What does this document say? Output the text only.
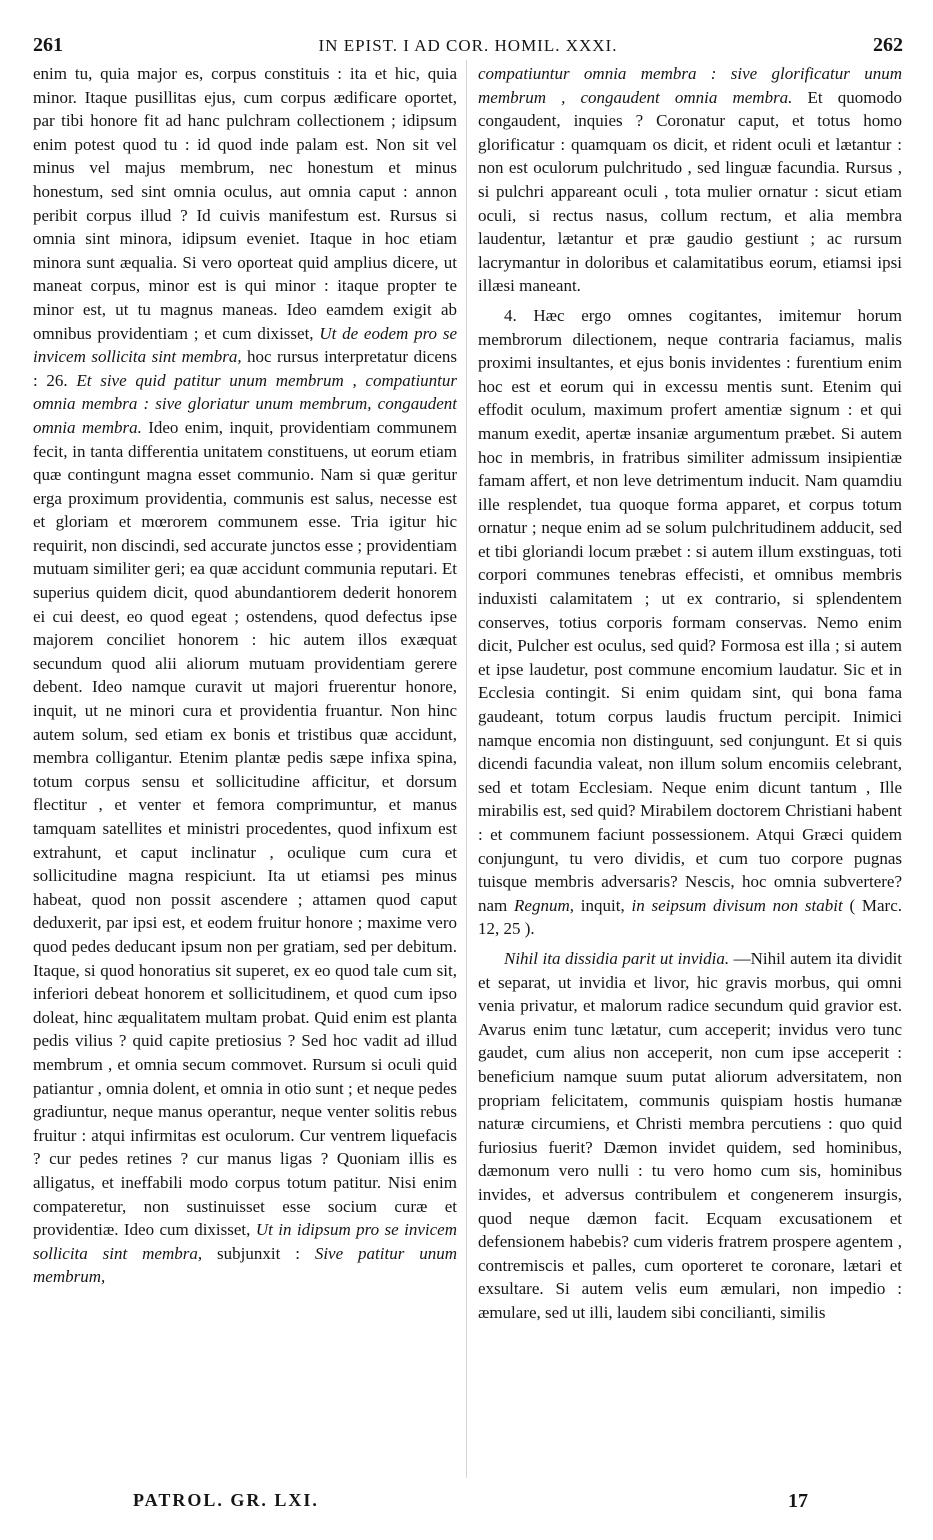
261	IN EPIST. I AD COR. HOMIL. XXXI.	262

enim tu, quia major es, corpus constituis : ita et hic, quia minor. Itaque pusillitas ejus, cum corpus ædificare oportet, par tibi honore fit ad hanc pulchram collectionem ; idipsum enim potest quod tu : id quod inde palam est. Non sit vel minus vel majus membrum, nec honestum et minus honestum, sed sint omnia oculus, aut omnia caput : annon peribit corpus illud ? Id cuivis manifestum est. Rursus si omnia sint minora, idipsum eveniet. Itaque in hoc etiam minora sunt æqualia. Si vero oporteat quid amplius dicere, ut maneat corpus, minor est is qui minor : itaque propter te minor est, ut tu magnus maneas. Ideo eamdem exigit ab omnibus providentiam ; et cum dixisset, Ut de eodem pro se invicem sollicita sint membra, hoc rursus interpretatur dicens : 26. Et sive quid patitur unum membrum , compatiuntur omnia membra : sive gloriatur unum membrum, congaudent omnia membra. Ideo enim, inquit, providentiam communem fecit, in tanta differentia unitatem constituens, ut eorum etiam quæ contingunt magna esset communio. Nam si quæ geritur erga proximum providentia, communis est salus, necesse est et gloriam et mœrorem communem esse. Tria igitur hic requirit, non discindi, sed accurate junctos esse ; providentiam mutuam similiter geri; ea quæ accidunt communia reputari. Et superius quidem dicit, quod abundantiorem dederit honorem ei cui deest, eo quod egeat ; ostendens, quod defectus ipse majorem conciliet honorem : hic autem illos exæquat secundum quod alii aliorum mutuam providentiam gerere debent. Ideo namque curavit ut majori fruerentur honore, inquit, ut ne minori cura et providentia fruantur. Non hinc autem solum, sed etiam ex bonis et tristibus quæ accidunt, membra colligantur. Etenim plantæ pedis sæpe infixa spina, totum corpus sensu et sollicitudine afficitur, et dorsum flectitur , et venter et femora comprimuntur, et manus tamquam satellites et ministri procedentes, quod infixum est extrahunt, et caput inclinatur , oculique cum cura et sollicitudine magna respiciunt. Ita ut etiamsi pes minus habeat, quod non possit ascendere ; attamen quod caput deduxerit, par ipsi est, et eodem fruitur honore ; maxime vero quod pedes deducant ipsum non per gratiam, sed per debitum. Itaque, si quod honoratius sit superet, ex eo quod tale cum sit, inferiori debeat honorem et sollicitudinem, et quod cum ipso doleat, hinc æqualitatem multam probat. Quid enim est planta pedis vilius ? quid capite pretiosius ? Sed hoc vadit ad illud membrum , et omnia secum commovet. Rursum si oculi quid patiantur , omnia dolent, et omnia in otio sunt ; et neque pedes gradiuntur, neque manus operantur, neque venter solitis rebus fruitur : atqui infirmitas est oculorum. Cur ventrem liquefacis ? cur pedes retines ? cur manus ligas ? Quoniam illis es alligatus, et ineffabili modo corpus totum patitur. Nisi enim compateretur, non sustinuisset esse socium curæ et providentiæ. Ideo cum dixisset, Ut in idipsum pro se invicem sollicita sint membra, subjunxit : Sive patitur unum membrum,

compatiuntur omnia membra : sive glorificatur unum membrum , congaudent omnia membra. Et quomodo congaudent, inquies ? Coronatur caput, et totus homo glorificatur : quamquam os dicit, et rident oculi et lætantur : non est oculorum pulchritudo , sed linguæ facundia. Rursus , si pulchri appareant oculi , tota mulier ornatur : sicut etiam oculi, si rectus nasus, collum rectum, et alia membra laudentur, lætantur et præ gaudio gestiunt ; ac rursum lacrymantur in doloribus et calamitatibus eorum, etiamsi ipsi illæsi maneant.

4. Hæc ergo omnes cogitantes, imitemur horum membrorum dilectionem, neque contraria faciamus, malis proximi insultantes, et ejus bonis invidentes : furentium enim hoc est et eorum qui in excessu mentis sunt. Etenim qui effodit oculum, maximum profert amentiæ signum : et qui manum exedit, apertæ insaniæ argumentum præbet. Si autem hoc in membris, in fratribus similiter admissum insipientiæ famam affert, et non leve detrimentum inducit. Nam quamdiu ille resplendet, tua quoque forma apparet, et corpus totum ornatur ; neque enim ad se solum pulchritudinem adducit, sed et tibi gloriandi locum præbet : si autem illum exstinguas, toti corpori communes tenebras effecisti, et omnibus membris induxisti calamitatem ; ut ex contrario, si splendentem conserves, totius corporis formam conservas. Nemo enim dicit, Pulcher est oculus, sed quid? Formosa est illa ; si autem et ipse laudetur, post commune encomium laudatur. Sic et in Ecclesia contingit. Si enim quidam sint, qui bona fama gaudeant, totum corpus laudis fructum percipit. Inimici namque encomia non distinguunt, sed conjungunt. Et si quis dicendi facundia valeat, non illum solum encomiis celebrant, sed et totam Ecclesiam. Neque enim dicunt tantum , Ille mirabilis est, sed quid? Mirabilem doctorem Christiani habent : et communem faciunt possessionem. Atqui Græci quidem conjungunt, tu vero dividis, et cum tuo corpore pugnas tuisque membris adversaris? Nescis, hoc omnia subvertere? nam Regnum, inquit, in seipsum divisum non stabit ( Marc. 12, 25 ).

Nihil ita dissidia parit ut invidia. —Nihil autem ita dividit et separat, ut invidia et livor, hic gravis morbus, qui omni venia privatur, et malorum radice secundum quid gravior est. Avarus enim tunc lætatur, cum acceperit; invidus vero tunc gaudet, cum alius non acceperit, non cum ipse acceperit : beneficium namque suum putat aliorum adversitatem, non propriam felicitatem, communis quispiam hostis humanæ naturæ circumiens, et Christi membra percutiens : quo quid furiosius fuerit? Dæmon invidet quidem, sed hominibus, dæmonum vero nulli : tu vero homo cum sis, hominibus invides, et adversus contribulem et congenerem insurgis, quod neque dæmon facit. Ecquam excusationem et defensionem habebis? cum videris fratrem prospere agentem , contremiscis et palles, cum oporteret te coronare, lætari et exsultare. Si autem velis eum æmulari, non impedio : æmulare, sed ut illi, laudem sibi concilianti, similis

PATROL. GR. LXI.	17
